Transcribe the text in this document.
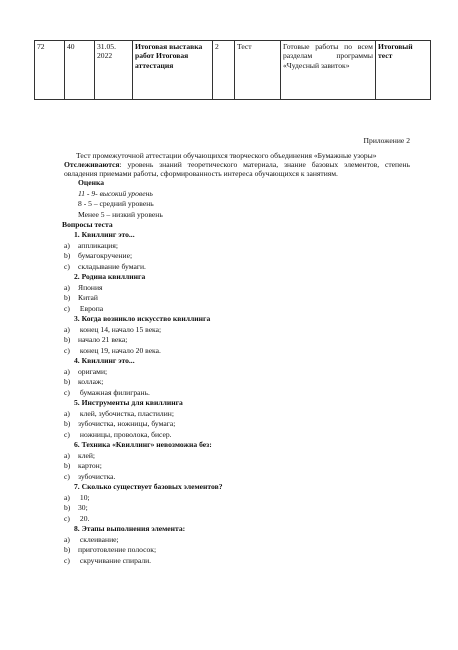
72	40	31.05. 2022	Итоговая выставка работ Итоговая аттестация	2	Тест	Готовые работы по всем разделам программы «Чудесный завиток»	Итоговый тест
Приложение 2
Тест промежуточной аттестации обучающихся творческого объединения «Бумажные узоры»
Отслеживаются: уровень знаний теоретического материала, знание базовых элементов, степень овладения приемами работы, сформированность интереса обучающихся к занятиям.
Оценка
11 - 9- высокий уровень
8 - 5 – средний уровень
Менее 5 – низкий уровень
Вопросы теста
1. Квиллинг это...
а) аппликация;
b) бумагокручение;
c) складывание бумаги.
2. Родина квиллинга
a) Япония
b) Китай
c) Европа
3. Когда возникло искусство квиллинга
a) конец 14, начало 15 века;
b) начало 21 века;
c) конец 19, начало 20 века.
4. Квиллинг это...
a) оригами;
b) коллаж;
c) бумажная филигрань.
5. Инструменты для квиллинга
a) клей, зубочистка, пластилин;
b) зубочистка, ножницы, бумага;
c) ножницы, проволока, бисер.
6. Техника «Квиллинг» невозможна без:
a) клей;
b) картон;
c) зубочистка.
7. Сколько существует базовых элементов?
a) 10;
b) 30;
c) 20.
8. Этапы выполнения элемента:
a) склеивание;
b) приготовление полосок;
c) скручивание спирали.
